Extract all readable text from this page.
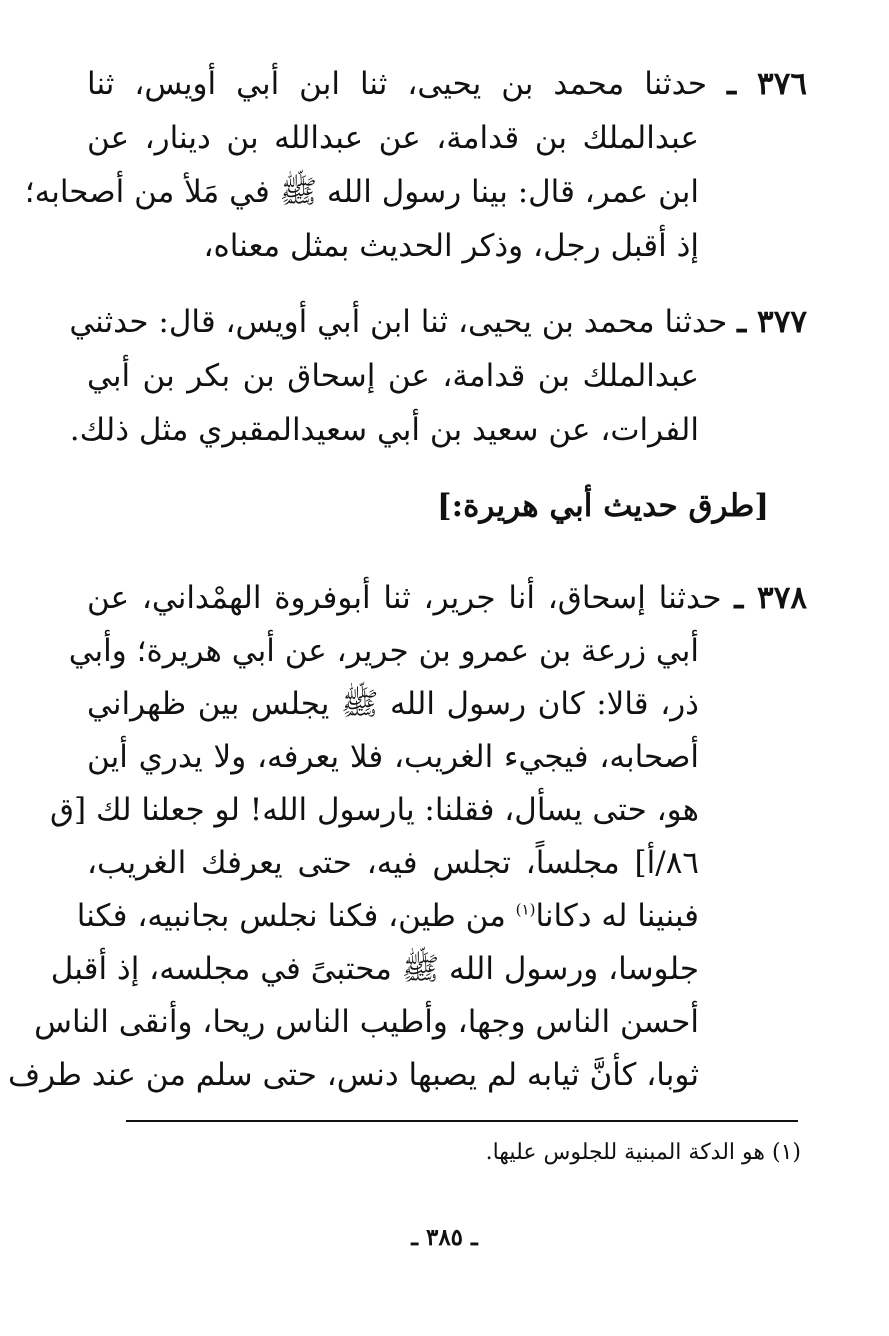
٣٧٦ ـ حدثنا محمد بن يحيى، ثنا ابن أبي أويس، ثنا
عبدالملك بن قدامة، عن عبدالله بن دينار، عن
ابن عمر، قال: بينا رسول الله ﷺ في مَلأ من أصحابه؛
إذ أقبل رجل، وذكر الحديث بمثل معناه،
٣٧٧ ـ حدثنا محمد بن يحيى، ثنا ابن أبي أويس، قال: حدثني
عبدالملك بن قدامة، عن إسحاق بن بكر بن أبي
الفرات، عن سعيد بن أبي سعيدالمقبري مثل ذلك.
[طرق حديث أبي هريرة:]
٣٧٨ ـ حدثنا إسحاق، أنا جرير، ثنا أبوفروة الهمْداني، عن
أبي زرعة بن عمرو بن جرير، عن أبي هريرة؛ وأبي
ذر، قالا: كان رسول الله ﷺ يجلس بين ظهراني
أصحابه، فيجيء الغريب، فلا يعرفه، ولا يدري أين
هو، حتى يسأل، فقلنا: يارسول الله! لو جعلنا لك [ق
٨٦/أ] مجلساً، تجلس فيه، حتى يعرفك الغريب،
فبنينا له دكانا$^{(١)}$ من طين، فكنا نجلس بجانبيه، فكنا
جلوسا، ورسول الله ﷺ محتبىً في مجلسه، إذ أقبل
أحسن الناس وجها، وأطيب الناس ريحا، وأنقى الناس
ثوبا، كأنَّ ثيابه لم يصبها دنس، حتى سلم من عند طرف
(١) هو الدكة المبنية للجلوس عليها.
ـ ٣٨٥ ـ
